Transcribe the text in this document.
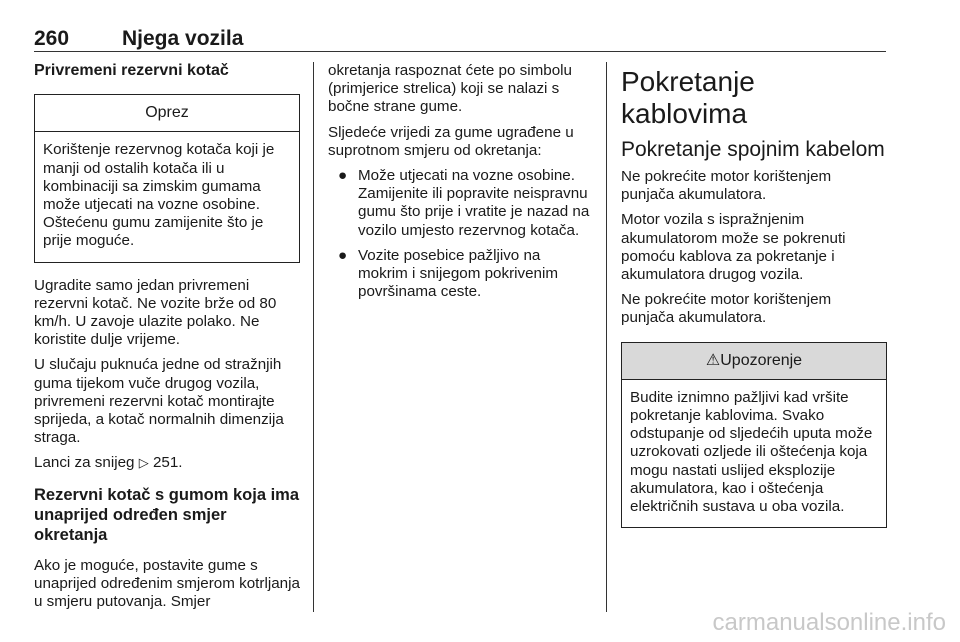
260	Njega vozila

Privremeni rezervni kotač

Oprez
Korištenje rezervnog kotača koji je manji od ostalih kotača ili u kombinaciji sa zimskim gumama može utjecati na vozne osobine. Oštećenu gumu zamijenite što je prije moguće.

Ugradite samo jedan privremeni rezervni kotač. Ne vozite brže od 80 km/h. U zavoje ulazite polako. Ne koristite dulje vrijeme.

U slučaju puknuća jedne od stražnjih guma tijekom vuče drugog vozila, privremeni rezervni kotač montirajte sprijeda, a kotač normalnih dimenzija straga.

Lanci za snijeg ▷ 251.

Rezervni kotač s gumom koja ima unaprijed određen smjer okretanja

Ako je moguće, postavite gume s unaprijed određenim smjerom kotrljanja u smjeru putovanja. Smjer

okretanja raspoznat ćete po simbolu (primjerice strelica) koji se nalazi s bočne strane gume.

Sljedeće vrijedi za gume ugrađene u suprotnom smjeru od okretanja:

● Može utjecati na vozne osobine. Zamijenite ili popravite neispravnu gumu što prije i vratite je nazad na vozilo umjesto rezervnog kotača.
● Vozite posebice pažljivo na mokrim i snijegom pokrivenim površinama ceste.
Pokretanje kablovima
Pokretanje spojnim kabelom

Ne pokrećite motor korištenjem punjača akumulatora.

Motor vozila s ispražnjenim akumulatorom može se pokrenuti pomoću kablova za pokretanje i akumulatora drugog vozila.

Ne pokrećite motor korištenjem punjača akumulatora.

⚠Upozorenje
Budite iznimno pažljivi kad vršite pokretanje kablovima. Svako odstupanje od sljedećih uputa može uzrokovati ozljede ili oštećenja koja mogu nastati uslijed eksplozije akumulatora, kao i oštećenja električnih sustava u oba vozila.
carmanualsonline.info
